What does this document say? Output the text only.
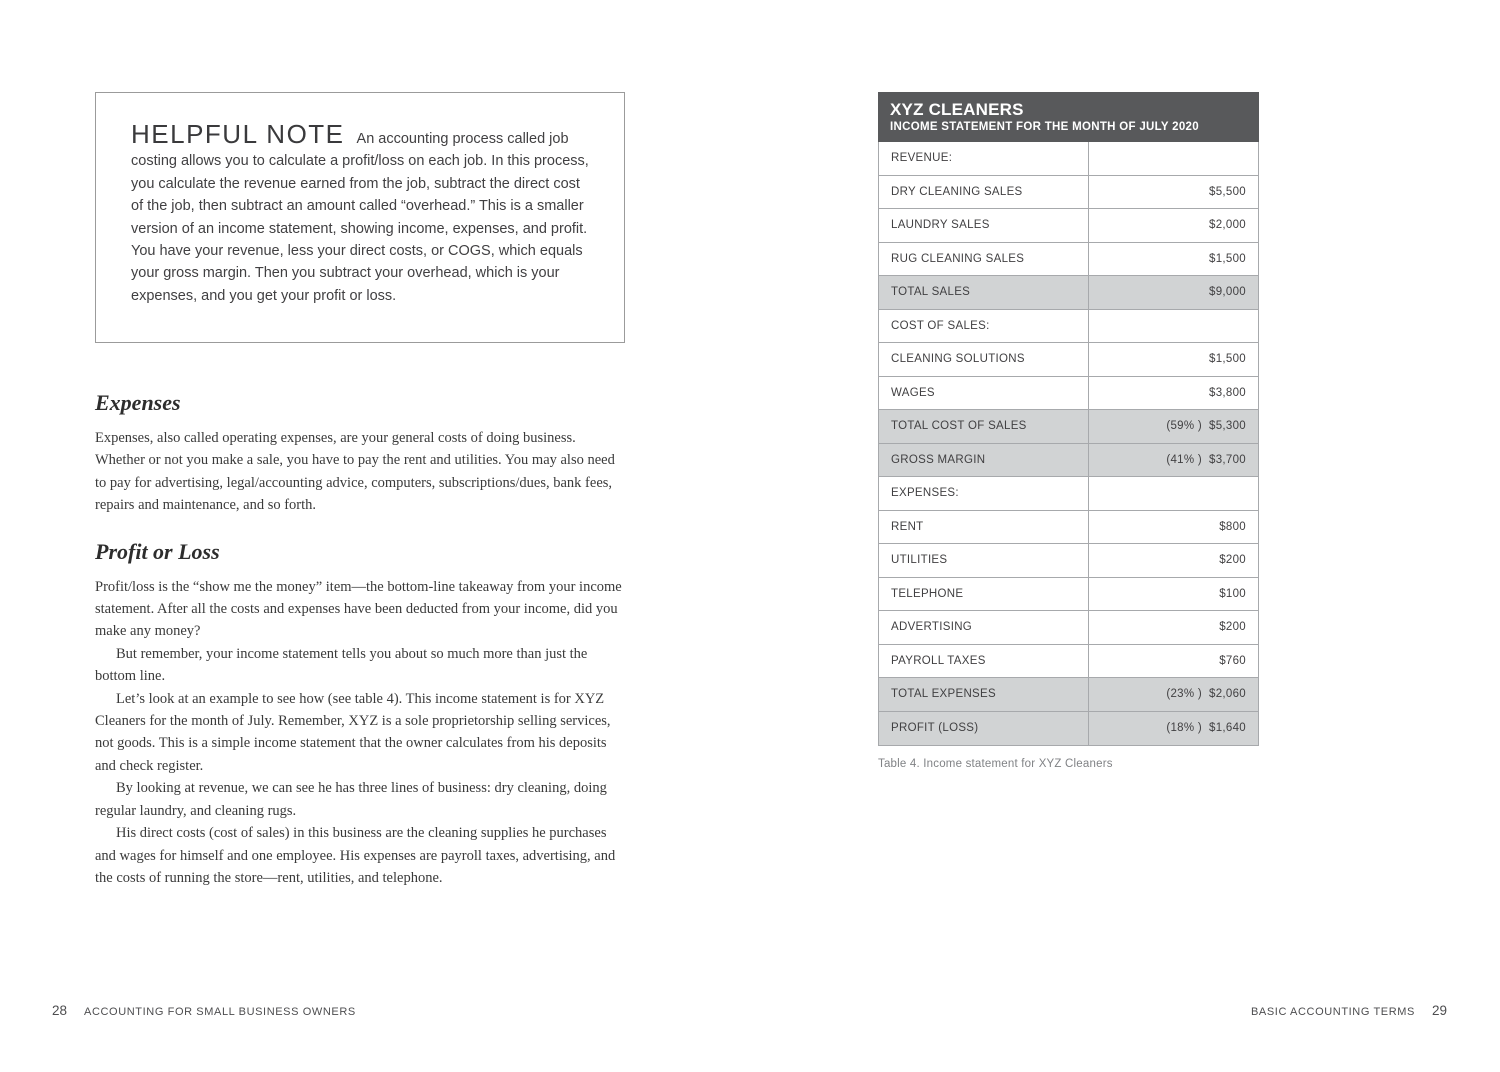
HELPFUL NOTE An accounting process called job costing allows you to calculate a profit/loss on each job. In this process, you calculate the revenue earned from the job, subtract the direct cost of the job, then subtract an amount called “overhead.” This is a smaller version of an income statement, showing income, expenses, and profit. You have your revenue, less your direct costs, or COGS, which equals your gross margin. Then you subtract your overhead, which is your expenses, and you get your profit or loss.

Expenses

Expenses, also called operating expenses, are your general costs of doing business. Whether or not you make a sale, you have to pay the rent and utilities. You may also need to pay for advertising, legal/accounting advice, computers, subscriptions/dues, bank fees, repairs and maintenance, and so forth.

Profit or Loss

Profit/loss is the “show me the money” item—the bottom-line takeaway from your income statement. After all the costs and expenses have been deducted from your income, did you make any money?

But remember, your income statement tells you about so much more than just the bottom line.

Let’s look at an example to see how (see table 4). This income statement is for XYZ Cleaners for the month of July. Remember, XYZ is a sole proprietorship selling services, not goods. This is a simple income statement that the owner calculates from his deposits and check register.

By looking at revenue, we can see he has three lines of business: dry cleaning, doing regular laundry, and cleaning rugs.

His direct costs (cost of sales) in this business are the cleaning supplies he purchases and wages for himself and one employee. His expenses are payroll taxes, advertising, and the costs of running the store—rent, utilities, and telephone.

28 ACCOUNTING FOR SMALL BUSINESS OWNERS
XYZ CLEANERS
INCOME STATEMENT FOR THE MONTH OF JULY 2020
REVENUE:
DRY CLEANING SALES	$5,500
LAUNDRY SALES	$2,000
RUG CLEANING SALES	$1,500
TOTAL SALES	$9,000
COST OF SALES:
CLEANING SOLUTIONS	$1,500
WAGES	$3,800
TOTAL COST OF SALES	(59% )  $5,300
GROSS MARGIN	(41% )  $3,700
EXPENSES:
RENT	$800
UTILITIES	$200
TELEPHONE	$100
ADVERTISING	$200
PAYROLL TAXES	$760
TOTAL EXPENSES	(23% )  $2,060
PROFIT (LOSS)	(18% )  $1,640
Table 4. Income statement for XYZ Cleaners
BASIC ACCOUNTING TERMS 29
